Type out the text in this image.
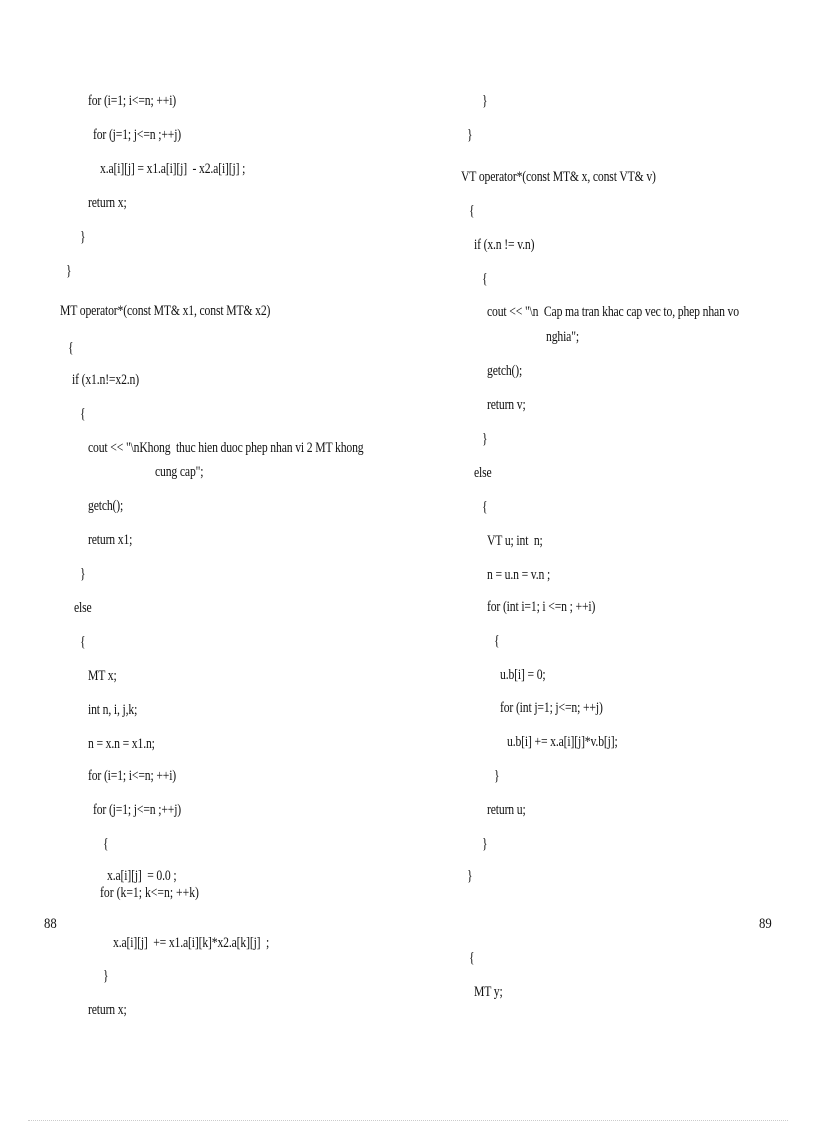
for (i=1; i<=n; ++i)
for (j=1; j<=n ;++j)
x.a[i][j] = x1.a[i][j]  - x2.a[i][j] ;
return x;
}
}
MT operator*(const MT& x1, const MT& x2)
{
if (x1.n!=x2.n)
{
cout << "\nKhong  thuc hien duoc phep nhan vi 2 MT khong
cung cap";
getch();
return x1;
}
else
{
MT x;
int n, i, j,k;
n = x.n = x1.n;
for (i=1; i<=n; ++i)
for (j=1; j<=n ;++j)
{
x.a[i][j]  = 0.0 ;
for (k=1; k<=n; ++k)
x.a[i][j]  += x1.a[i][k]*x2.a[k][j]  ;
}
return x;
88
}
}
VT operator*(const MT& x, const VT& v)
{
if (x.n != v.n)
{
cout << "\n  Cap ma tran khac cap vec to, phep nhan vo
nghia";
getch();
return v;
}
else
{
VT u; int  n;
n = u.n = v.n ;
for (int i=1; i <=n ; ++i)
{
u.b[i] = 0;
for (int j=1; j<=n; ++j)
u.b[i] += x.a[i][j]*v.b[j];
}
return u;
}
}
{
MT y;
89
